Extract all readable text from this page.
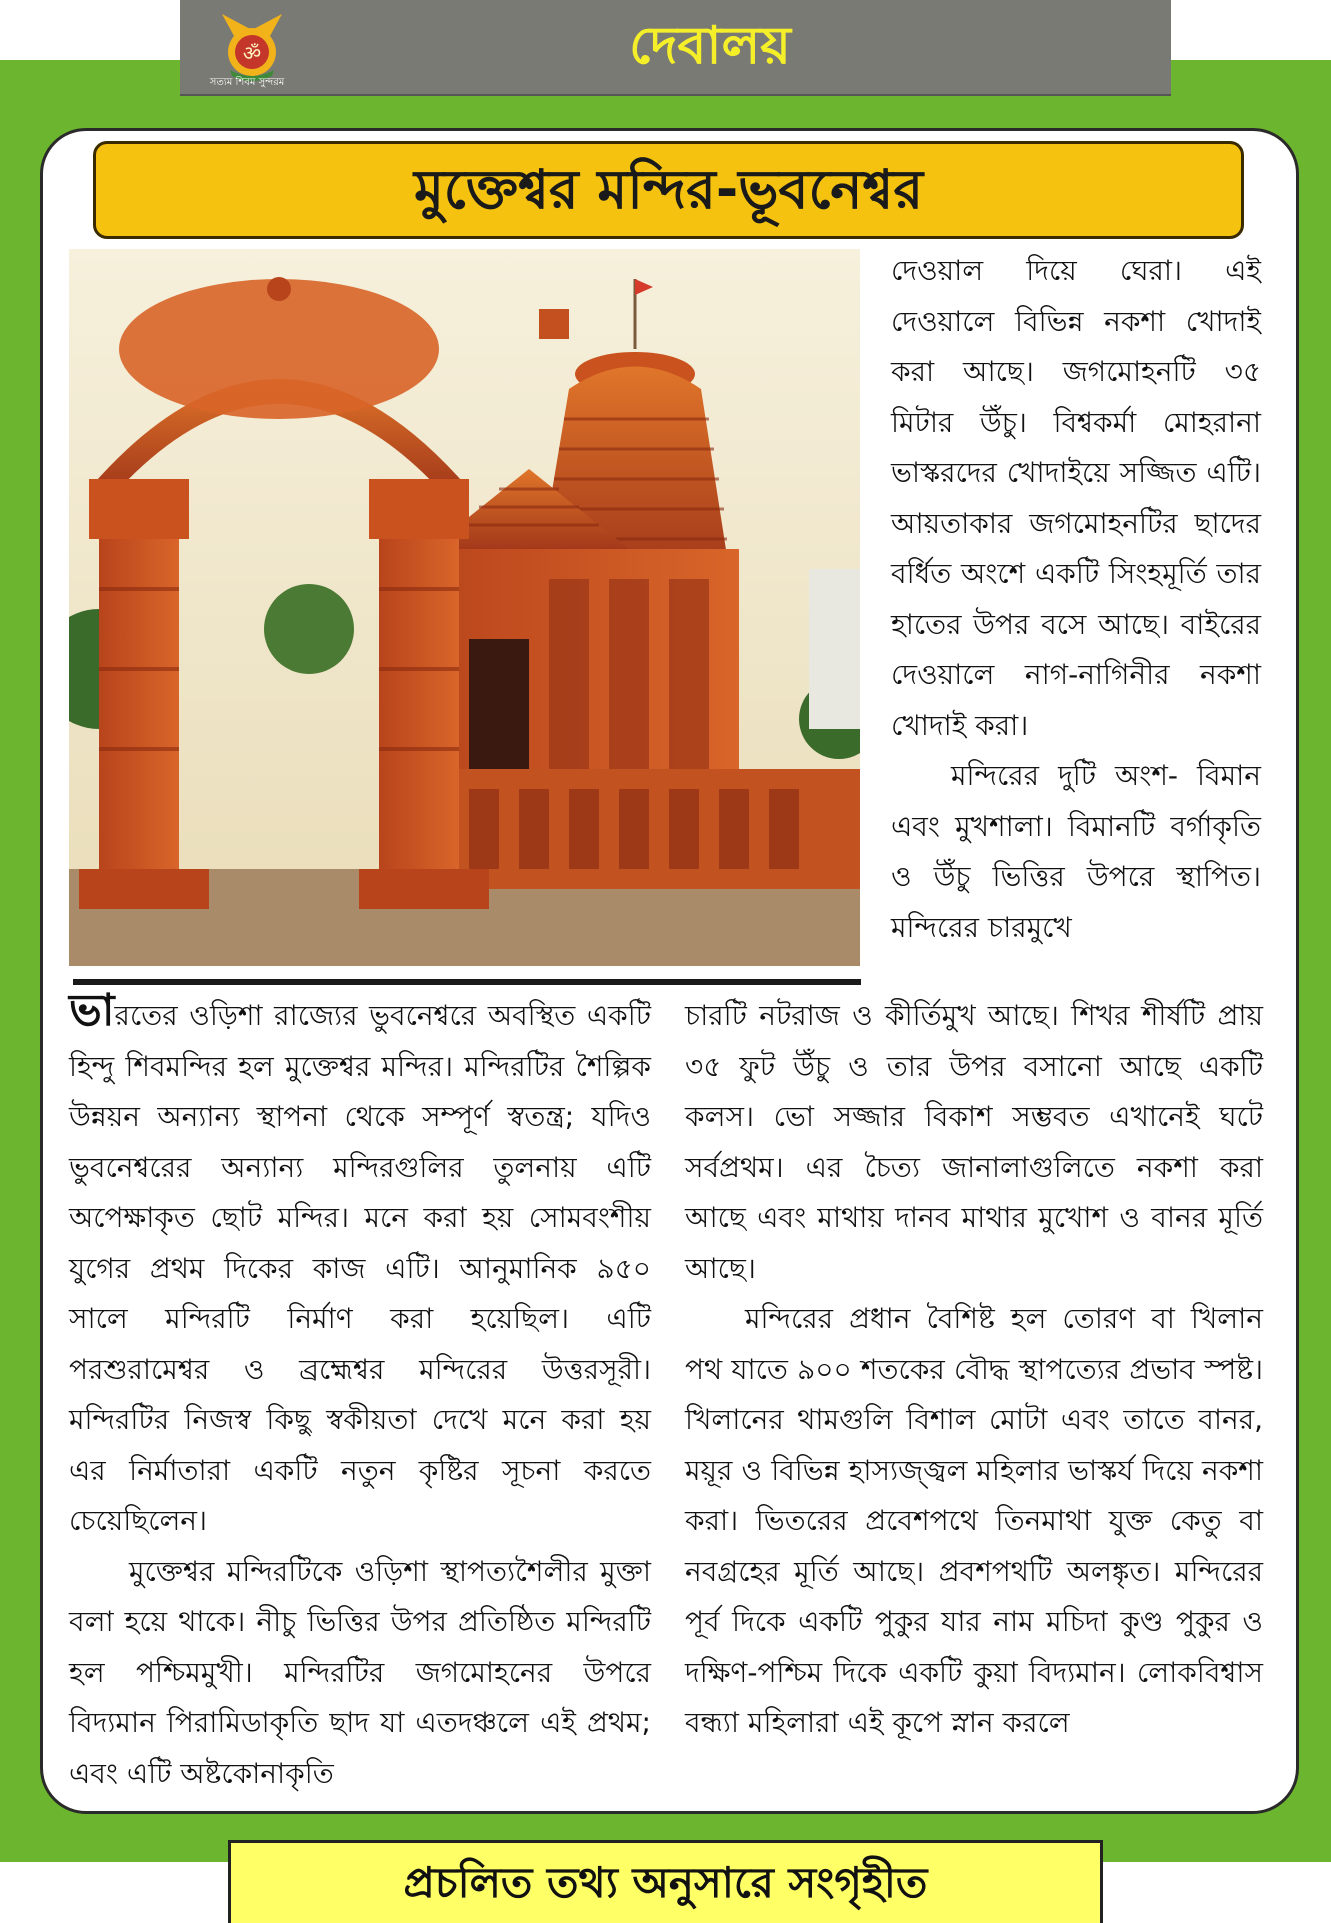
ॐ
সত্যম শিবম সুন্দরম
দেবালয়
মুক্তেশ্বর মন্দির-ভূবনেশ্বর

দেওয়াল দিয়ে ঘেরা। এই দেওয়ালে বিভিন্ন নকশা খোদাই করা আছে। জগমোহনটি ৩৫ মিটার উঁচু। বিশ্বকর্মা মোহরানা ভাস্করদের খোদাইয়ে সজ্জিত এটি। আয়তাকার জগমোহনটির ছাদের বর্ধিত অংশে একটি সিংহমূর্তি তার হাতের উপর বসে আছে। বাইরের দেওয়ালে নাগ-নাগিনীর নকশা খোদাই করা।

মন্দিরের দুটি অংশ- বিমান এবং মুখশালা। বিমানটি বর্গাকৃতি ও উঁচু ভিত্তির উপরে স্থাপিত। মন্দিরের চারমুখে

ভারতের ওড়িশা রাজ্যের ভুবনেশ্বরে অবস্থিত একটি হিন্দু শিবমন্দির হল মুক্তেশ্বর মন্দির। মন্দিরটির শৈল্পিক উন্নয়ন অন্যান্য স্থাপনা থেকে সম্পূর্ণ স্বতন্ত্র; যদিও ভুবনেশ্বরের অন্যান্য মন্দিরগুলির তুলনায় এটি অপেক্ষাকৃত ছোট মন্দির। মনে করা হয় সোমবংশীয় যুগের প্রথম দিকের কাজ এটি। আনুমানিক ৯৫০ সালে মন্দিরটি নির্মাণ করা হয়েছিল। এটি পরশুরামেশ্বর ও ব্রহ্মেশ্বর মন্দিরের উত্তরসূরী। মন্দিরটির নিজস্ব কিছু স্বকীয়তা দেখে মনে করা হয় এর নির্মাতারা একটি নতুন কৃষ্টির সূচনা করতে চেয়েছিলেন।

মুক্তেশ্বর মন্দিরটিকে ওড়িশা স্থাপত্যশৈলীর মুক্তা বলা হয়ে থাকে। নীচু ভিত্তির উপর প্রতিষ্ঠিত মন্দিরটি হল পশ্চিমমুখী। মন্দিরটির জগমোহনের উপরে বিদ্যমান পিরামিডাকৃতি ছাদ যা এতদঞ্চলে এই প্রথম; এবং এটি অষ্টকোনাকৃতি

চারটি নটরাজ ও কীর্তিমুখ আছে। শিখর শীর্ষটি প্রায় ৩৫ ফুট উঁচু ও তার উপর বসানো আছে একটি কলস। ভো সজ্জার বিকাশ সম্ভবত এখানেই ঘটে সর্বপ্রথম। এর চৈত্য জানালাগুলিতে নকশা করা আছে এবং মাথায় দানব মাথার মুখোশ ও বানর মূর্তি আছে।

মন্দিরের প্রধান বৈশিষ্ট হল তোরণ বা খিলান পথ যাতে ৯০০ শতকের বৌদ্ধ স্থাপত্যের প্রভাব স্পষ্ট। খিলানের থামগুলি বিশাল মোটা এবং তাতে বানর, ময়ূর ও বিভিন্ন হাস্যজ্জ্বল মহিলার ভাস্কর্য দিয়ে নকশা করা। ভিতরের প্রবেশপথে তিনমাথা যুক্ত কেতু বা নবগ্রহের মূর্তি আছে। প্রবশপথটি অলঙ্কৃত। মন্দিরের পূর্ব দিকে একটি পুকুর যার নাম মচিদা কুণ্ড পুকুর ও দক্ষিণ-পশ্চিম দিকে একটি কুয়া বিদ্যমান। লোকবিশ্বাস বন্ধ্যা মহিলারা এই কূপে স্নান করলে

প্রচলিত তথ্য অনুসারে সংগৃহীত
